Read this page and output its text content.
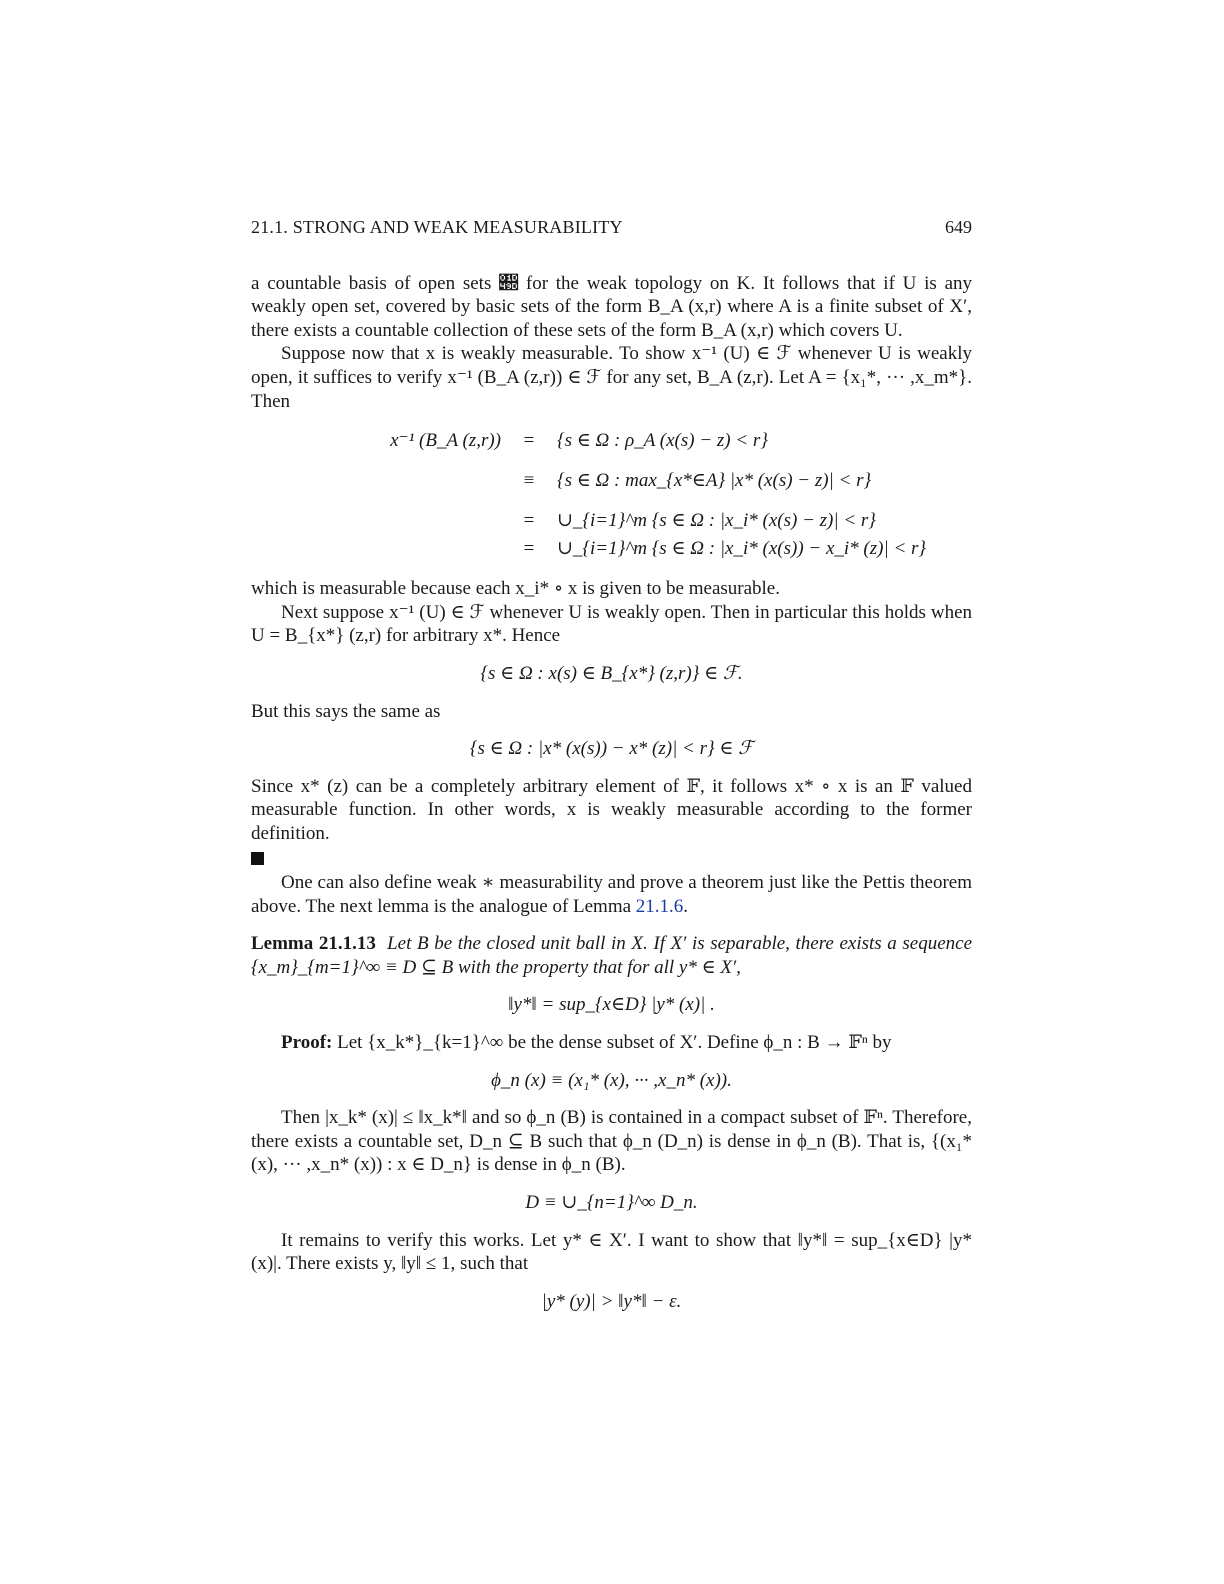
21.1. STRONG AND WEAK MEASURABILITY	649

a countable basis of open sets 𝒝 for the weak topology on K. It follows that if U is any weakly open set, covered by basic sets of the form B_A (x,r) where A is a finite subset of X′, there exists a countable collection of these sets of the form B_A (x,r) which covers U.

Suppose now that x is weakly measurable. To show x⁻¹ (U) ∈ ℱ whenever U is weakly open, it suffices to verify x⁻¹ (B_A (z,r)) ∈ ℱ for any set, B_A (z,r). Let A = {x₁*, ··· ,x_m*}. Then

x⁻¹ (B_A (z,r))	=	{s ∈ Ω : ρ_A (x(s) − z) < r}
≡	{s ∈ Ω : max_{x*∈A} |x* (x(s) − z)| < r}
=	∪_{i=1}^m {s ∈ Ω : |x_i* (x(s) − z)| < r}
=	∪_{i=1}^m {s ∈ Ω : |x_i* (x(s)) − x_i* (z)| < r}

which is measurable because each x_i* ∘ x is given to be measurable.

Next suppose x⁻¹ (U) ∈ ℱ whenever U is weakly open. Then in particular this holds when U = B_{x*} (z,r) for arbitrary x*. Hence

{s ∈ Ω : x(s) ∈ B_{x*} (z,r)} ∈ ℱ.

But this says the same as

{s ∈ Ω : |x* (x(s)) − x* (z)| < r} ∈ ℱ

Since x* (z) can be a completely arbitrary element of 𝔽, it follows x* ∘ x is an 𝔽 valued measurable function. In other words, x is weakly measurable according to the former definition.

One can also define weak ∗ measurability and prove a theorem just like the Pettis theorem above. The next lemma is the analogue of Lemma 21.1.6.

Lemma 21.1.13 Let B be the closed unit ball in X. If X′ is separable, there exists a sequence {x_m}_{m=1}^∞ ≡ D ⊆ B with the property that for all y* ∈ X′,

‖y*‖ = sup_{x∈D} |y* (x)| .

Proof: Let {x_k*}_{k=1}^∞ be the dense subset of X′. Define ϕ_n : B → 𝔽ⁿ by

ϕ_n (x) ≡ (x₁* (x), ··· ,x_n* (x)).

Then |x_k* (x)| ≤ ‖x_k*‖ and so ϕ_n (B) is contained in a compact subset of 𝔽ⁿ. Therefore, there exists a countable set, D_n ⊆ B such that ϕ_n (D_n) is dense in ϕ_n (B). That is, {(x₁* (x), ··· ,x_n* (x)) : x ∈ D_n} is dense in ϕ_n (B).

D ≡ ∪_{n=1}^∞ D_n.

It remains to verify this works. Let y* ∈ X′. I want to show that ‖y*‖ = sup_{x∈D} |y* (x)|. There exists y, ‖y‖ ≤ 1, such that

|y* (y)| > ‖y*‖ − ε.
